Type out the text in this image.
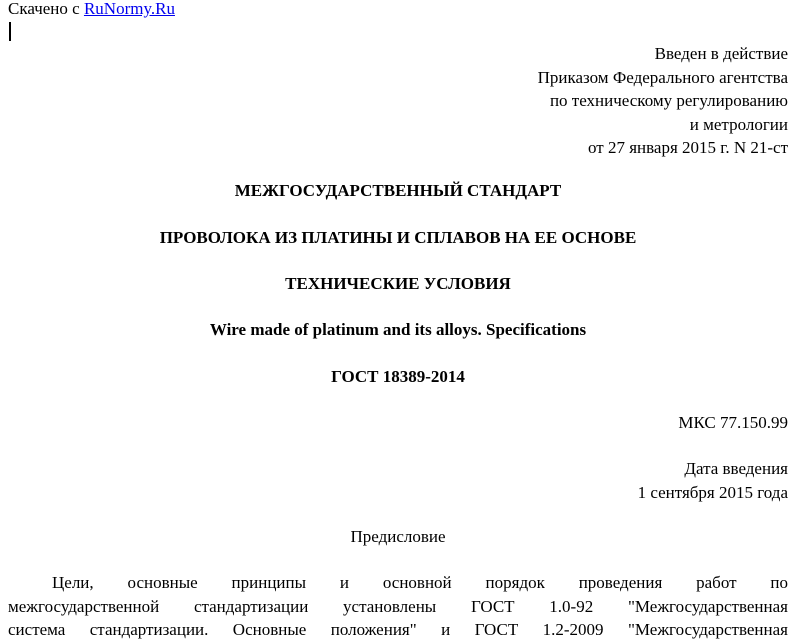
Скачено с RuNormy.Ru
Введен в действие
Приказом Федерального агентства
по техническому регулированию
и метрологии
от 27 января 2015 г. N 21-ст
МЕЖГОСУДАРСТВЕННЫЙ СТАНДАРТ
ПРОВОЛОКА ИЗ ПЛАТИНЫ И СПЛАВОВ НА ЕЕ ОСНОВЕ
ТЕХНИЧЕСКИЕ УСЛОВИЯ
Wire made of platinum and its alloys. Specifications
ГОСТ 18389-2014
МКС 77.150.99
Дата введения
1 сентября 2015 года
Предисловие
Цели, основные принципы и основной порядок проведения работ по
межгосударственной стандартизации установлены ГОСТ 1.0-92 "Межгосударственная
система стандартизации. Основные положения" и ГОСТ 1.2-2009 "Межгосударственная
